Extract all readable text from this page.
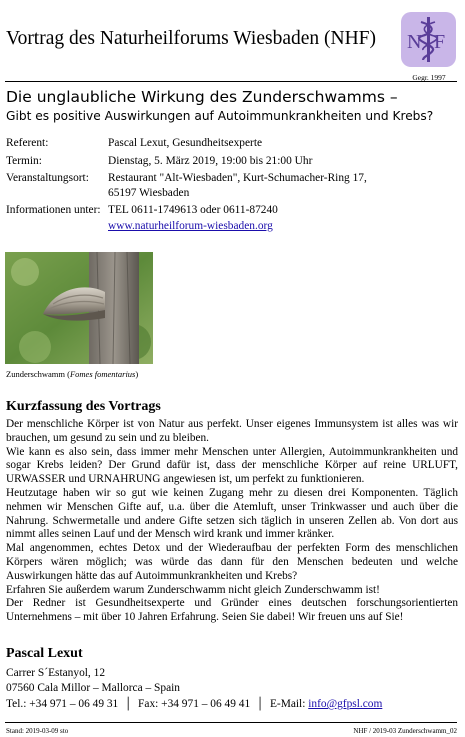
Vortrag des Naturheilforums Wiesbaden (NHF) N F
Gegr. 1997
Die unglaubliche Wirkung des Zunderschwamms –
Gibt es positive Auswirkungen auf Autoimmunkrankheiten und Krebs?
Referent:	Pascal Lexut, Gesundheitsexperte
Termin:	Dienstag, 5. März 2019, 19:00 bis 21:00 Uhr
Veranstaltungsort: Restaurant "Alt-Wiesbaden", Kurt-Schumacher-Ring 17,
65197 Wiesbaden
Informationen unter: TEL 0611-1749613 oder 0611-87240
www.naturheilforum-wiesbaden.org
Zunderschwamm (Fomes fomentarius)
Kurzfassung des Vortrags

Der menschliche Körper ist von Natur aus perfekt. Unser eigenes Immunsystem ist alles was wir brauchen, um gesund zu sein und zu bleiben.

Wie kann es also sein, dass immer mehr Menschen unter Allergien, Autoimmunkrankheiten und sogar Krebs leiden? Der Grund dafür ist, dass der menschliche Körper auf reine URLUFT, URWASSER und URNAHRUNG angewiesen ist, um perfekt zu funktionieren.

Heutzutage haben wir so gut wie keinen Zugang mehr zu diesen drei Komponenten. Täglich nehmen wir Menschen Gifte auf, u.a. über die Atemluft, unser Trinkwasser und auch über die Nahrung. Schwermetalle und andere Gifte setzen sich täglich in unseren Zellen ab. Von dort aus nimmt alles seinen Lauf und der Mensch wird krank und immer kränker.

Mal angenommen, echtes Detox und der Wiederaufbau der perfekten Form des menschlichen Körpers wären möglich; was würde das dann für den Menschen bedeuten und welche Auswirkungen hätte das auf Autoimmunkrankheiten und Krebs?

Erfahren Sie außerdem warum Zunderschwamm nicht gleich Zunderschwamm ist!

Der Redner ist Gesundheitsexperte und Gründer eines deutschen forschungsorientierten Unternehmens – mit über 10 Jahren Erfahrung. Seien Sie dabei! Wir freuen uns auf Sie!

Pascal Lexut
Carrer S´Estanyol, 12
07560 Cala Millor – Mallorca – Spain
Tel.: +34 971 – 06 49 31 │ Fax: +34 971 – 06 49 41 │ E-Mail: info@gfpsl.com
Stand: 2019-03-09 sto	NHF / 2019-03 Zunderschwamm_02
